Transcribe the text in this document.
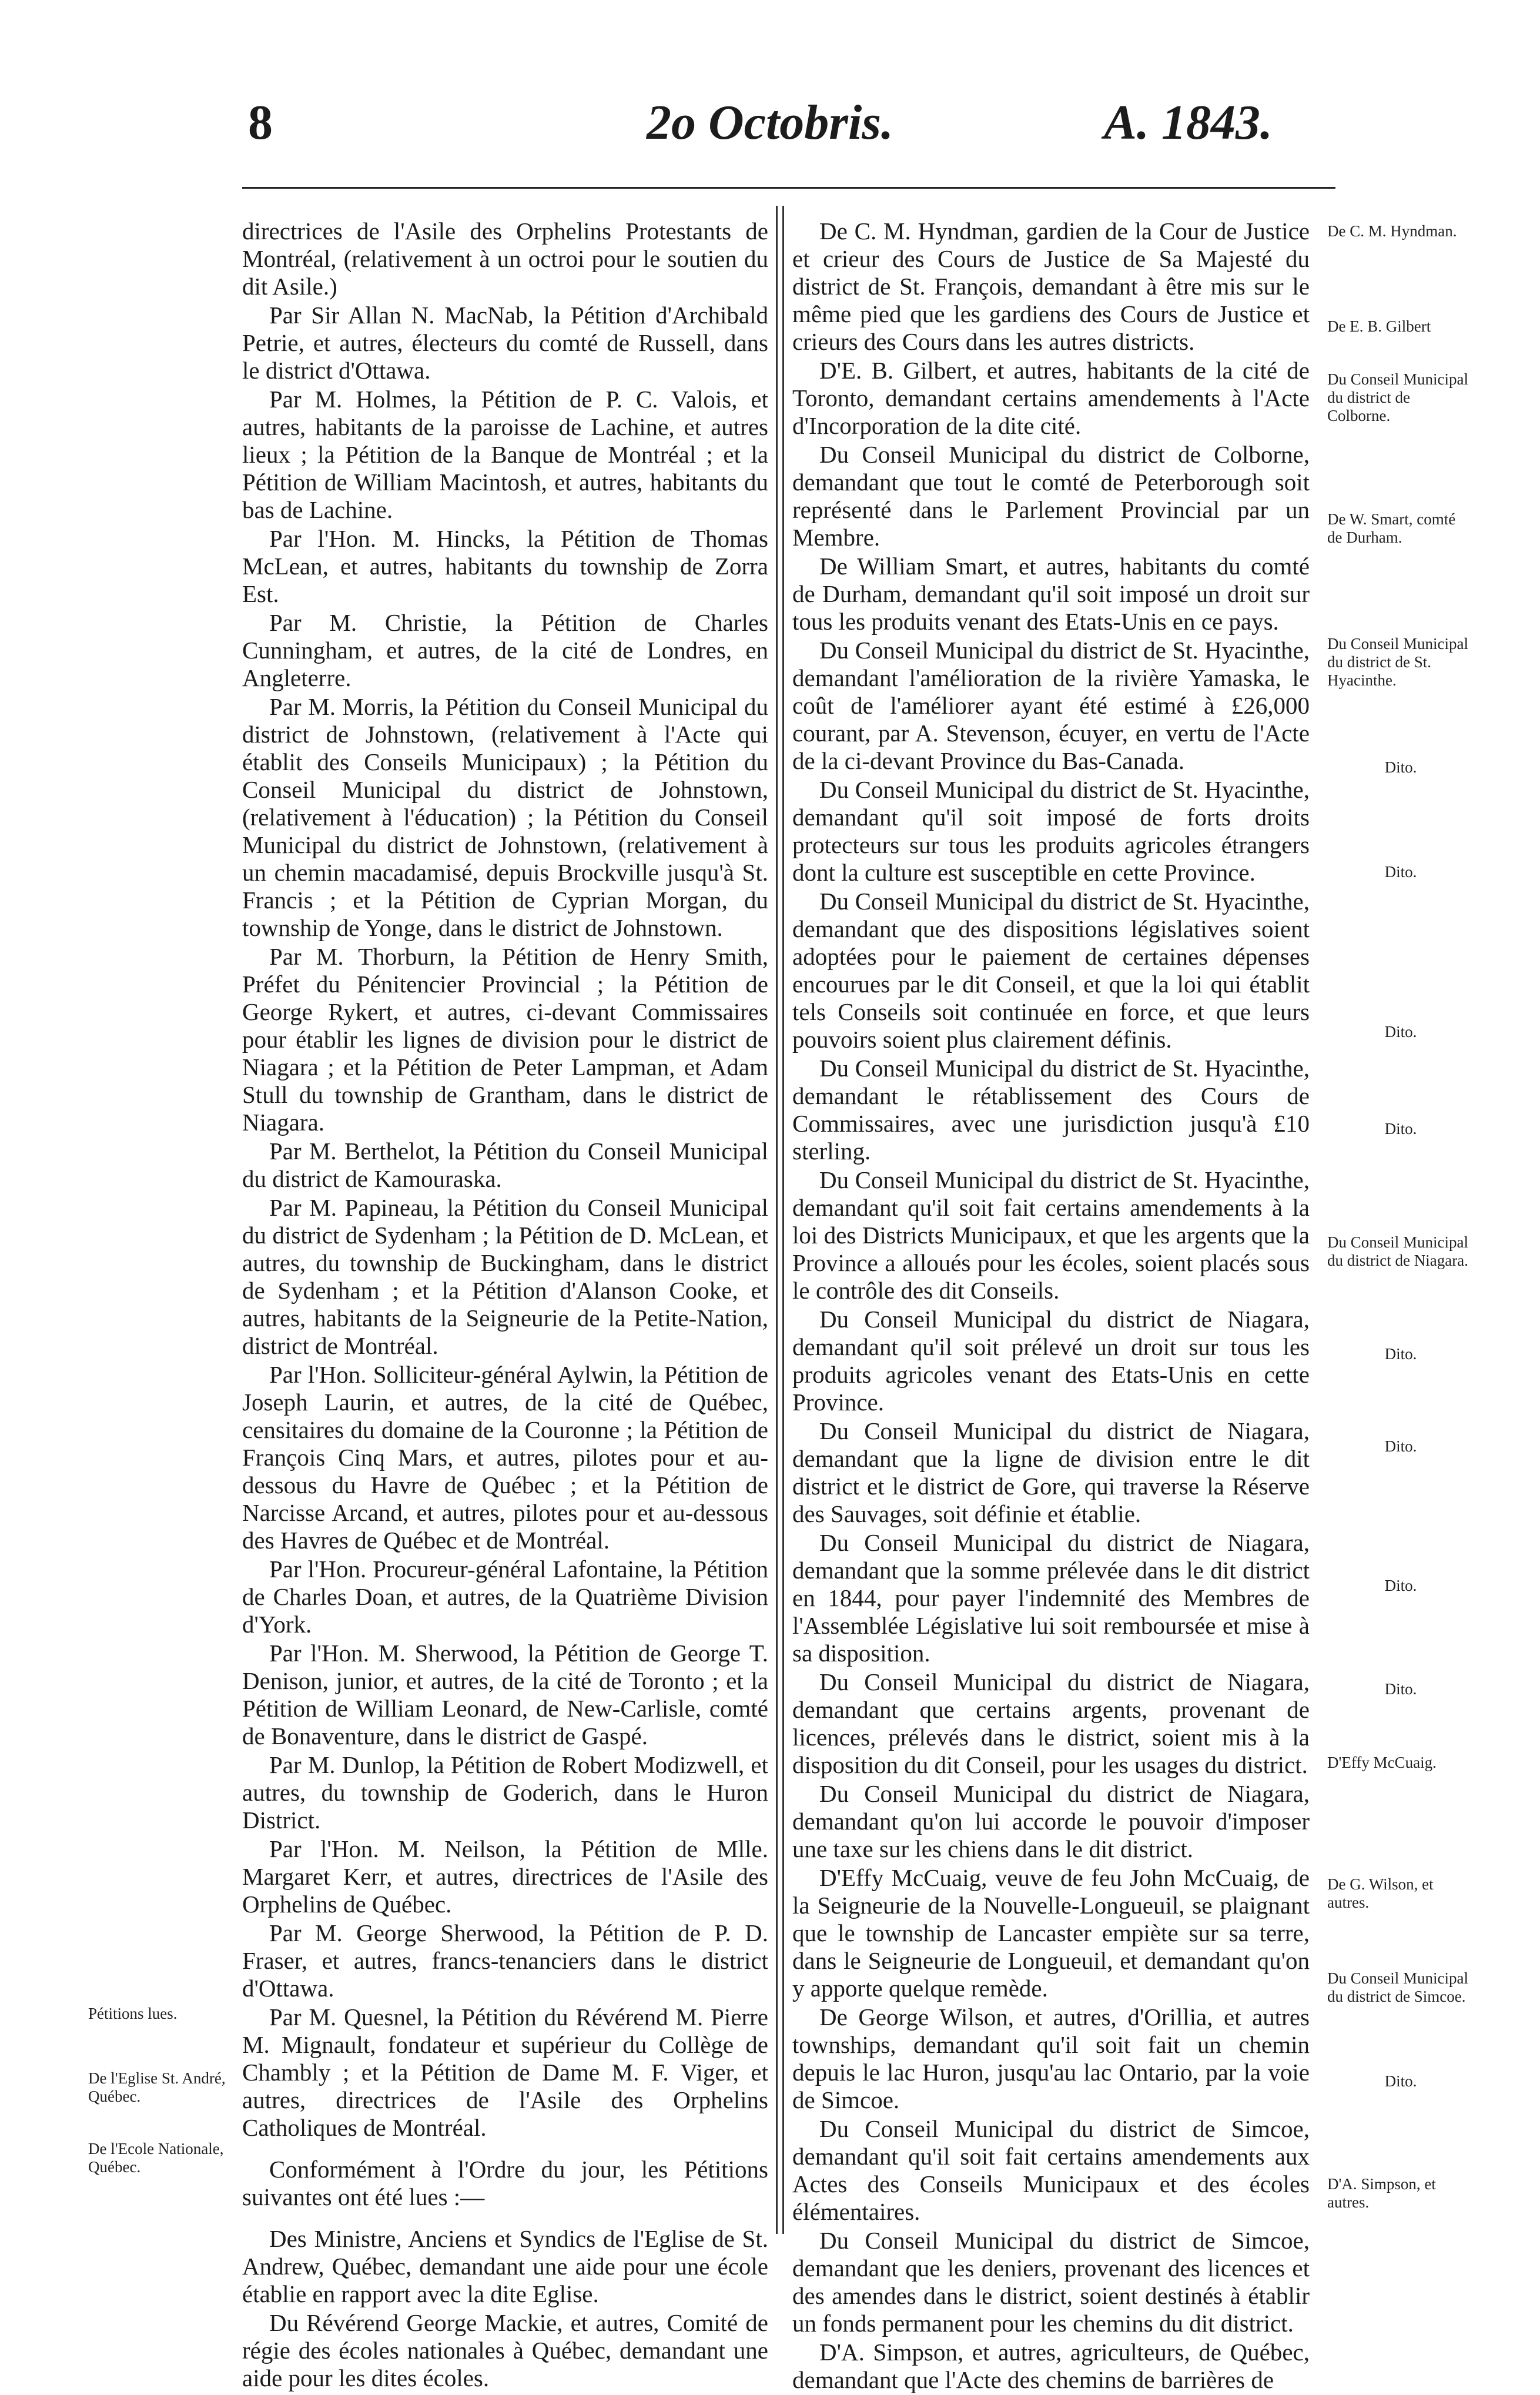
8	2o Octobris.	A. 1843.

directrices de l'Asile des Orphelins Protestants de Montréal, (relativement à un octroi pour le soutien du dit Asile.)

Par Sir Allan N. MacNab, la Pétition d'Archibald Petrie, et autres, électeurs du comté de Russell, dans le district d'Ottawa.

Par M. Holmes, la Pétition de P. C. Valois, et autres, habitants de la paroisse de Lachine, et autres lieux ; la Pétition de la Banque de Montréal ; et la Pétition de William Macintosh, et autres, habitants du bas de Lachine.

Par l'Hon. M. Hincks, la Pétition de Thomas McLean, et autres, habitants du township de Zorra Est.

Par M. Christie, la Pétition de Charles Cunningham, et autres, de la cité de Londres, en Angleterre.

Par M. Morris, la Pétition du Conseil Municipal du district de Johnstown, (relativement à l'Acte qui établit des Conseils Municipaux) ; la Pétition du Conseil Municipal du district de Johnstown, (relativement à l'éducation) ; la Pétition du Conseil Municipal du district de Johnstown, (relativement à un chemin macadamisé, depuis Brockville jusqu'à St. Francis ; et la Pétition de Cyprian Morgan, du township de Yonge, dans le district de Johnstown.

Par M. Thorburn, la Pétition de Henry Smith, Préfet du Pénitencier Provincial ; la Pétition de George Rykert, et autres, ci-devant Commissaires pour établir les lignes de division pour le district de Niagara ; et la Pétition de Peter Lampman, et Adam Stull du township de Grantham, dans le district de Niagara.

Par M. Berthelot, la Pétition du Conseil Municipal du district de Kamouraska.

Par M. Papineau, la Pétition du Conseil Municipal du district de Sydenham ; la Pétition de D. McLean, et autres, du township de Buckingham, dans le district de Sydenham ; et la Pétition d'Alanson Cooke, et autres, habitants de la Seigneurie de la Petite-Nation, district de Montréal.

Par l'Hon. Solliciteur-général Aylwin, la Pétition de Joseph Laurin, et autres, de la cité de Québec, censitaires du domaine de la Couronne ; la Pétition de François Cinq Mars, et autres, pilotes pour et au-dessous du Havre de Québec ; et la Pétition de Narcisse Arcand, et autres, pilotes pour et au-dessous des Havres de Québec et de Montréal.

Par l'Hon. Procureur-général Lafontaine, la Pétition de Charles Doan, et autres, de la Quatrième Division d'York.

Par l'Hon. M. Sherwood, la Pétition de George T. Denison, junior, et autres, de la cité de Toronto ; et la Pétition de William Leonard, de New-Carlisle, comté de Bonaventure, dans le district de Gaspé.

Par M. Dunlop, la Pétition de Robert Modizwell, et autres, du township de Goderich, dans le Huron District.

Par l'Hon. M. Neilson, la Pétition de Mlle. Margaret Kerr, et autres, directrices de l'Asile des Orphelins de Québec.

Par M. George Sherwood, la Pétition de P. D. Fraser, et autres, francs-tenanciers dans le district d'Ottawa.

Par M. Quesnel, la Pétition du Révérend M. Pierre M. Mignault, fondateur et supérieur du Collège de Chambly ; et la Pétition de Dame M. F. Viger, et autres, directrices de l'Asile des Orphelins Catholiques de Montréal.

Conformément à l'Ordre du jour, les Pétitions suivantes ont été lues :—

Des Ministre, Anciens et Syndics de l'Eglise de St. Andrew, Québec, demandant une aide pour une école établie en rapport avec la dite Eglise.

Du Révérend George Mackie, et autres, Comité de régie des écoles nationales à Québec, demandant une aide pour les dites écoles.

De C. M. Hyndman, gardien de la Cour de Justice et crieur des Cours de Justice de Sa Majesté du district de St. François, demandant à être mis sur le même pied que les gardiens des Cours de Justice et crieurs des Cours dans les autres districts.

D'E. B. Gilbert, et autres, habitants de la cité de Toronto, demandant certains amendements à l'Acte d'Incorporation de la dite cité.

Du Conseil Municipal du district de Colborne, demandant que tout le comté de Peterborough soit représenté dans le Parlement Provincial par un Membre.

De William Smart, et autres, habitants du comté de Durham, demandant qu'il soit imposé un droit sur tous les produits venant des Etats-Unis en ce pays.

Du Conseil Municipal du district de St. Hyacinthe, demandant l'amélioration de la rivière Yamaska, le coût de l'améliorer ayant été estimé à £26,000 courant, par A. Stevenson, écuyer, en vertu de l'Acte de la ci-devant Province du Bas-Canada.

Du Conseil Municipal du district de St. Hyacinthe, demandant qu'il soit imposé de forts droits protecteurs sur tous les produits agricoles étrangers dont la culture est susceptible en cette Province.

Du Conseil Municipal du district de St. Hyacinthe, demandant que des dispositions législatives soient adoptées pour le paiement de certaines dépenses encourues par le dit Conseil, et que la loi qui établit tels Conseils soit continuée en force, et que leurs pouvoirs soient plus clairement définis.

Du Conseil Municipal du district de St. Hyacinthe, demandant le rétablissement des Cours de Commissaires, avec une jurisdiction jusqu'à £10 sterling.

Du Conseil Municipal du district de St. Hyacinthe, demandant qu'il soit fait certains amendements à la loi des Districts Municipaux, et que les argents que la Province a alloués pour les écoles, soient placés sous le contrôle des dit Conseils.

Du Conseil Municipal du district de Niagara, demandant qu'il soit prélevé un droit sur tous les produits agricoles venant des Etats-Unis en cette Province.

Du Conseil Municipal du district de Niagara, demandant que la ligne de division entre le dit district et le district de Gore, qui traverse la Réserve des Sauvages, soit définie et établie.

Du Conseil Municipal du district de Niagara, demandant que la somme prélevée dans le dit district en 1844, pour payer l'indemnité des Membres de l'Assemblée Législative lui soit remboursée et mise à sa disposition.

Du Conseil Municipal du district de Niagara, demandant que certains argents, provenant de licences, prélevés dans le district, soient mis à la disposition du dit Conseil, pour les usages du district.

Du Conseil Municipal du district de Niagara, demandant qu'on lui accorde le pouvoir d'imposer une taxe sur les chiens dans le dit district.

D'Effy McCuaig, veuve de feu John McCuaig, de la Seigneurie de la Nouvelle-Longueuil, se plaignant que le township de Lancaster empiète sur sa terre, dans le Seigneurie de Longueuil, et demandant qu'on y apporte quelque remède.

De George Wilson, et autres, d'Orillia, et autres townships, demandant qu'il soit fait un chemin depuis le lac Huron, jusqu'au lac Ontario, par la voie de Simcoe.

Du Conseil Municipal du district de Simcoe, demandant qu'il soit fait certains amendements aux Actes des Conseils Municipaux et des écoles élémentaires.

Du Conseil Municipal du district de Simcoe, demandant que les deniers, provenant des licences et des amendes dans le district, soient destinés à établir un fonds permanent pour les chemins du dit district.

D'A. Simpson, et autres, agriculteurs, de Québec, demandant que l'Acte des chemins de barrières de

De C. M. Hyndman.
De E. B. Gilbert
Du Conseil Municipal du district de Colborne.
De W. Smart, comté de Durham.
Du Conseil Municipal du district de St. Hyacinthe.
Dito.
Dito.
Dito.
Dito.
Du Conseil Municipal du district de Niagara.
Dito.
Dito.
Dito.
Dito.
D'Effy McCuaig.
De G. Wilson, et autres.
Du Conseil Municipal du district de Simcoe.
Dito.
D'A. Simpson, et autres.
Pétitions lues.
De l'Eglise St. André, Québec.
De l'Ecole Nationale, Québec.
